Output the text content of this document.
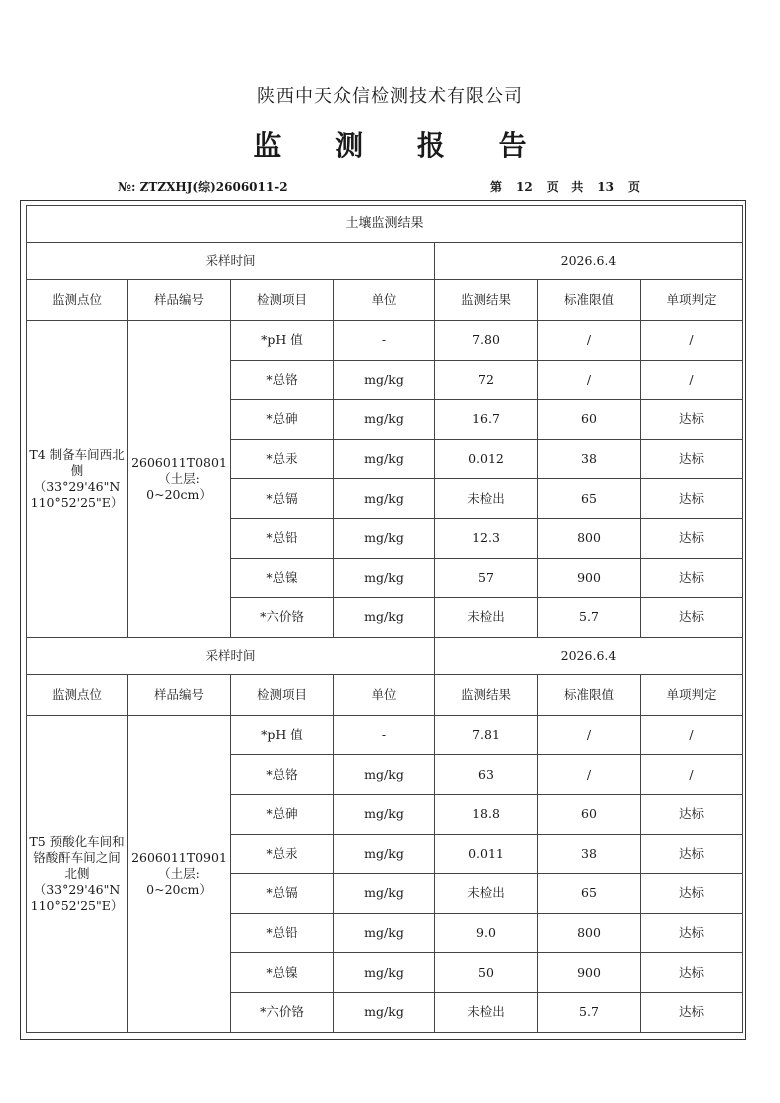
陕西中天众信检测技术有限公司
监 测 报 告
№: ZTZXHJ(综)2606011-2	第 12 页   共 13 页
土壤监测结果						
采样时间				2026.6.4		
监测点位	样品编号	检测项目	单位	监测结果	标准限值	单项判定

T4 制备车间西北侧
（33°29'46"N
110°52'25"E）	2606011T0801
（土层:
0~20cm）	*pH 值	-	7.80	/	/
		*总铬	mg/kg	72	/	/
		*总砷	mg/kg	16.7	60	达标
		*总汞	mg/kg	0.012	38	达标
		*总镉	mg/kg	未检出	65	达标
		*总铅	mg/kg	12.3	800	达标
		*总镍	mg/kg	57	900	达标
		*六价铬	mg/kg	未检出	5.7	达标
采样时间				2026.6.4		
监测点位	样品编号	检测项目	单位	监测结果	标准限值	单项判定

T5 预酸化车间和铬酸酐车间之间北侧
（33°29'46"N
110°52'25"E）	2606011T0901
（土层:
0~20cm）	*pH 值	-	7.81	/	/
		*总铬	mg/kg	63	/	/
		*总砷	mg/kg	18.8	60	达标
		*总汞	mg/kg	0.011	38	达标
		*总镉	mg/kg	未检出	65	达标
		*总铅	mg/kg	9.0	800	达标
		*总镍	mg/kg	50	900	达标
		*六价铬	mg/kg	未检出	5.7	达标
